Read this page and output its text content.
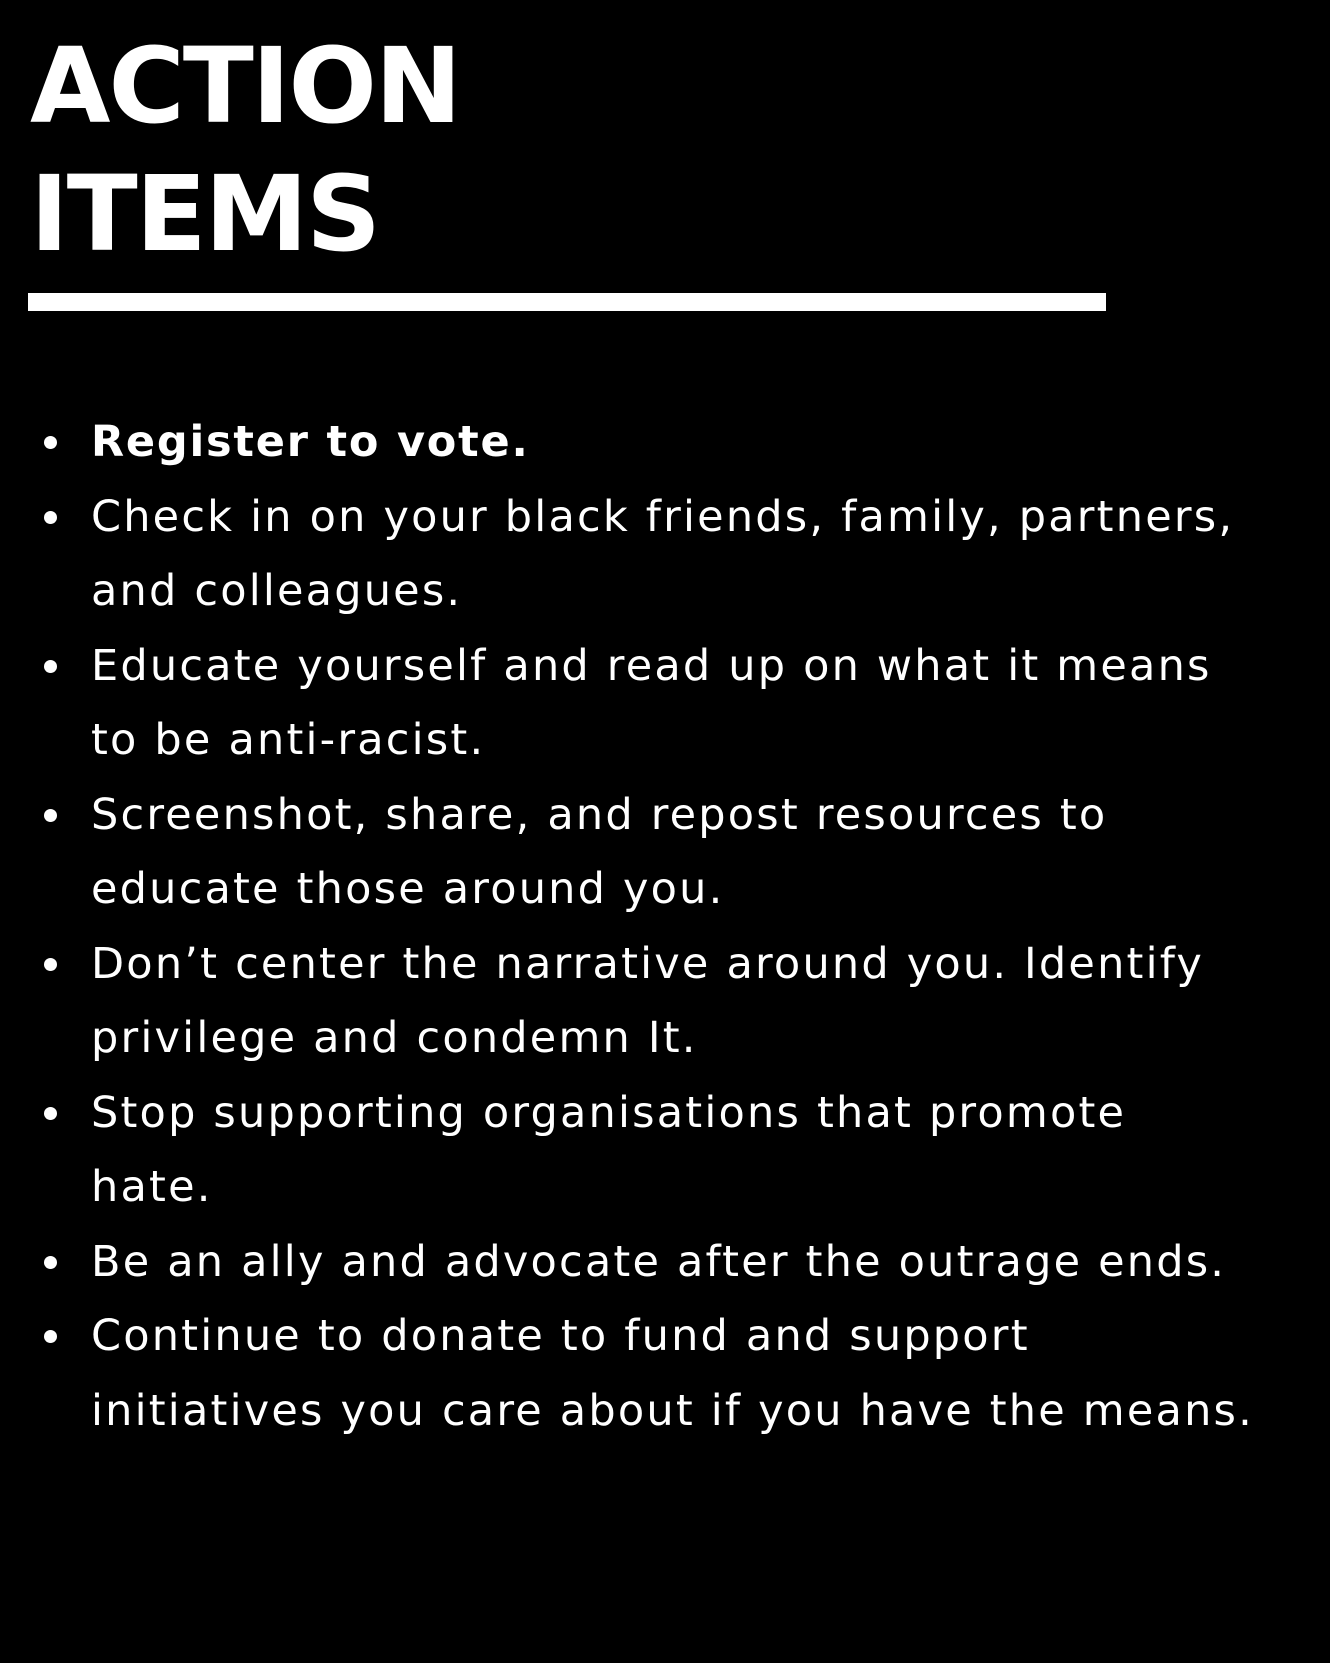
ACTION
ITEMS
Register to vote.
Check in on your black friends, family, partners,
and colleagues.
Educate yourself and read up on what it means
to be anti-racist.
Screenshot, share, and repost resources to
educate those around you.
Don’t center the narrative around you. Identify
privilege and condemn It.
Stop supporting organisations that promote
hate.
Be an ally and advocate after the outrage ends.
Continue to donate to fund and support
initiatives you care about if you have the means.
